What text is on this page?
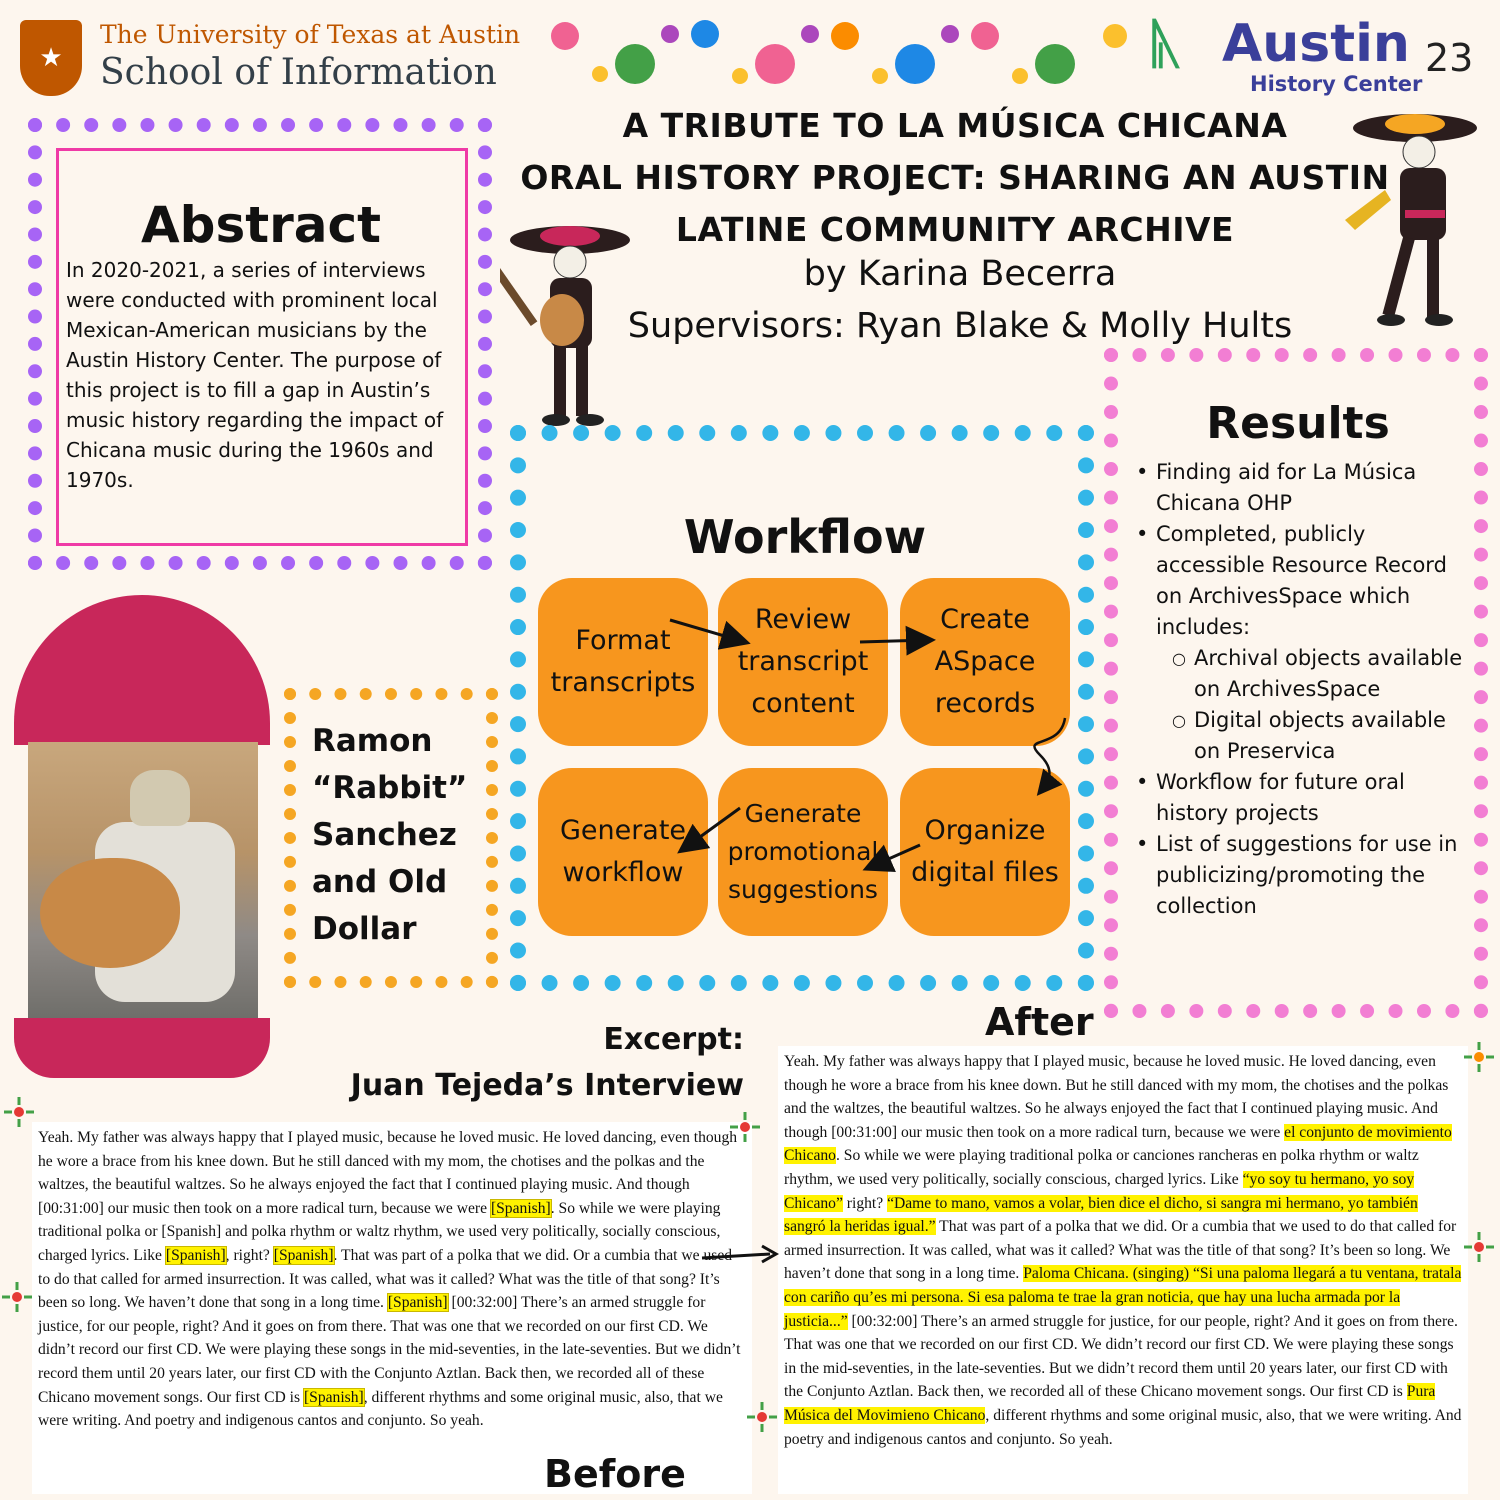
★
The University of Texas at Austin
School of Information	ᚣ Austin
History Center
23
A TRIBUTE TO LA MÚSICA CHICANA
ORAL HISTORY PROJECT: SHARING AN AUSTIN
LATINE COMMUNITY ARCHIVE
by Karina Becerra
Supervisors: Ryan Blake & Molly Hults
Abstract
In 2020-2021, a series of interviews were conducted with prominent local Mexican-American musicians by the Austin History Center. The purpose of this project is to fill a gap in Austin’s music history regarding the impact of Chicana music during the 1960s and 1970s.
Ramon
“Rabbit”
Sanchez
and Old
Dollar
Workflow
Format transcripts
Review transcript content
Create ASpace records
Generate workflow
Generate promotional suggestions
Organize digital files
Results
• Finding aid for La Música Chicana OHP
• Completed, publicly accessible Resource Record on ArchivesSpace which includes:
○ Archival objects available on ArchivesSpace
○ Digital objects available on Preservica
• Workflow for future oral history projects
• List of suggestions for use in publicizing/promoting the collection
Excerpt:
Juan Tejeda’s Interview
After
Yeah. My father was always happy that I played music, because he loved music. He loved dancing, even though he wore a brace from his knee down. But he still danced with my mom, the chotises and the polkas and the waltzes, the beautiful waltzes. So he always enjoyed the fact that I continued playing music. And though [00:31:00] our music then took on a more radical turn, because we were [Spanish]. So while we were playing traditional polka or [Spanish] and polka rhythm or waltz rhythm, we used very politically, socially conscious, charged lyrics. Like [Spanish], right? [Spanish]. That was part of a polka that we did. Or a cumbia that we used to do that called for armed insurrection. It was called, what was it called? What was the title of that song? It’s been so long. We haven’t done that song in a long time. [Spanish] [00:32:00] There’s an armed struggle for justice, for our people, right? And it goes on from there. That was one that we recorded on our first CD. We didn’t record our first CD. We were playing these songs in the mid-seventies, in the late-seventies. But we didn’t record them until 20 years later, our first CD with the Conjunto Aztlan. Back then, we recorded all of these Chicano movement songs. Our first CD is [Spanish], different rhythms and some original music, also, that we were writing. And poetry and indigenous cantos and conjunto. So yeah.
Before
Yeah. My father was always happy that I played music, because he loved music. He loved dancing, even though he wore a brace from his knee down. But he still danced with my mom, the chotises and the polkas and the waltzes, the beautiful waltzes. So he always enjoyed the fact that I continued playing music. And though [00:31:00] our music then took on a more radical turn, because we were el conjunto de movimiento Chicano. So while we were playing traditional polka or canciones rancheras en polka rhythm or waltz rhythm, we used very politically, socially conscious, charged lyrics. Like “yo soy tu hermano, yo soy Chicano” right? “Dame to mano, vamos a volar, bien dice el dicho, si sangra mi hermano, yo también sangró la heridas igual.” That was part of a polka that we did. Or a cumbia that we used to do that called for armed insurrection. It was called, what was it called? What was the title of that song? It’s been so long. We haven’t done that song in a long time. Paloma Chicana. (singing) “Si una paloma llegará a tu ventana, tratala con cariño qu’es mi persona. Si esa paloma te trae la gran noticia, que hay una lucha armada por la justicia...” [00:32:00] There’s an armed struggle for justice, for our people, right? And it goes on from there. That was one that we recorded on our first CD. We didn’t record our first CD. We were playing these songs in the mid-seventies, in the late-seventies. But we didn’t record them until 20 years later, our first CD with the Conjunto Aztlan. Back then, we recorded all of these Chicano movement songs. Our first CD is Pura Música del Movimieno Chicano, different rhythms and some original music, also, that we were writing. And poetry and indigenous cantos and conjunto. So yeah.
